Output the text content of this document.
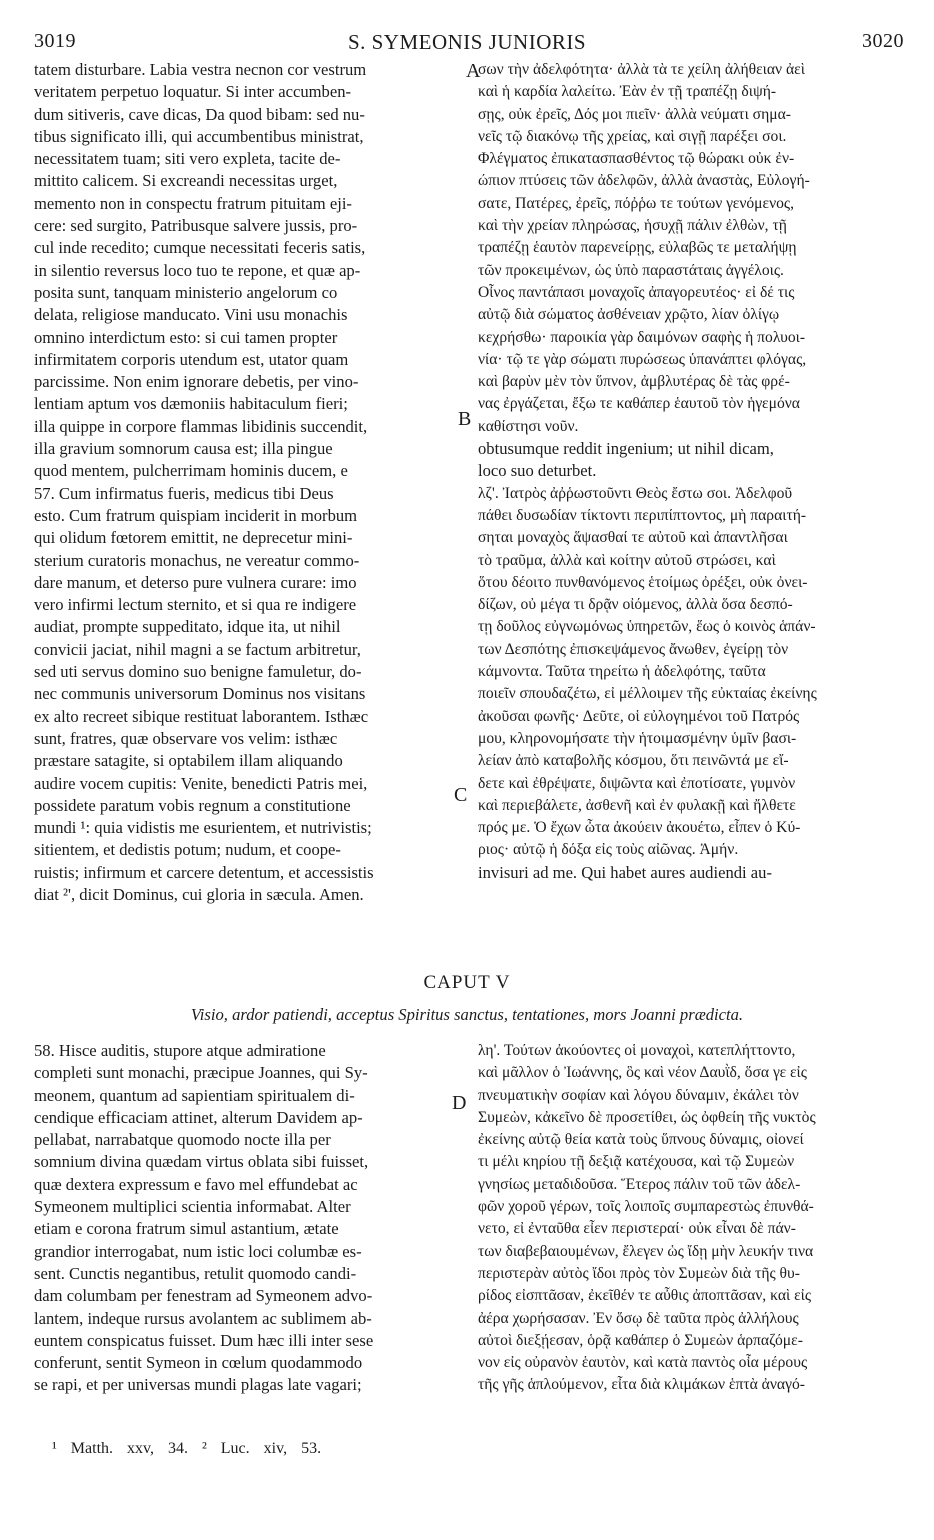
3019	S. SYMEONIS JUNIORIS	3020
A
B
C
D
tatem disturbare. Labia vestra necnon cor vestrum
veritatem perpetuo loquatur. Si inter accumben-
dum sitiveris, cave dicas, Da quod bibam: sed nu-
tibus significato illi, qui accumbentibus ministrat,
necessitatem tuam; siti vero expleta, tacite de-
mittito calicem. Si excreandi necessitas urget,
memento non in conspectu fratrum pituitam eji-
cere: sed surgito, Patribusque salvere jussis, pro-
cul inde recedito; cumque necessitati feceris satis,
in silentio reversus loco tuo te repone, et quæ ap-
posita sunt, tanquam ministerio angelorum co
delata, religiose manducato. Vini usu monachis
omnino interdictum esto: si cui tamen propter
infirmitatem corporis utendum est, utator quam
parcissime. Non enim ignorare debetis, per vino-
lentiam aptum vos dæmoniis habitaculum fieri;
illa quippe in corpore flammas libidinis succendit,
illa gravium somnorum causa est; illa pingue
quod mentem, pulcherrimam hominis ducem, e
57. Cum infirmatus fueris, medicus tibi Deus
esto. Cum fratrum quispiam inciderit in morbum
qui olidum fœtorem emittit, ne deprecetur mini-
sterium curatoris monachus, ne vereatur commo-
dare manum, et deterso pure vulnera curare: imo
vero infirmi lectum sternito, et si qua re indigere
audiat, prompte suppeditato, idque ita, ut nihil
convicii jaciat, nihil magni a se factum arbitretur,
sed uti servus domino suo benigne famuletur, do-
nec communis universorum Dominus nos visitans
ex alto recreet sibique restituat laborantem. Isthæc
sunt, fratres, quæ observare vos velim: isthæc
præstare satagite, si optabilem illam aliquando
audire vocem cupitis: Venite, benedicti Patris mei,
possidete paratum vobis regnum a constitutione
mundi ¹: quia vidistis me esurientem, et nutrivistis;
sitientem, et dedistis potum; nudum, et coope-
ruistis; infirmum et carcere detentum, et accessistis
diat ²', dicit Dominus, cui gloria in sæcula. Amen.
σων τὴν ἀδελφότητα· ἀλλὰ τὰ τε χείλη ἀλήθειαν ἀεὶ
καὶ ἡ καρδία λαλείτω. Ἐὰν ἐν τῇ τραπέζῃ διψή-
σῃς, οὐκ ἐρεῖς, Δός μοι πιεῖν· ἀλλὰ νεύματι σημα-
νεῖς τῷ διακόνῳ τῆς χρείας, καὶ σιγῇ παρέξει σοι.
Φλέγματος ἐπικατασπασθέντος τῷ θώρακι οὐκ ἐν-
ώπιον πτύσεις τῶν ἀδελφῶν, ἀλλὰ ἀναστὰς, Εὐλογή-
σατε, Πατέρες, ἐρεῖς, πόῤῥω τε τούτων γενόμενος,
καὶ τὴν χρείαν πληρώσας, ἡσυχῇ πάλιν ἐλθὼν, τῇ
τραπέζῃ ἑαυτὸν παρενείρῃς, εὐλαβῶς τε μεταλήψῃ
τῶν προκειμένων, ὡς ὑπὸ παραστάταις ἀγγέλοις.
Οἶνος παντάπασι μοναχοῖς ἀπαγορευτέος· εἰ δέ τις
αὐτῷ διὰ σώματος ἀσθένειαν χρῷτο, λίαν ὀλίγῳ
κεχρήσθω· παροικία γὰρ δαιμόνων σαφὴς ἡ πολυοι-
νία· τῷ τε γὰρ σώματι πυρώσεως ὑπανάπτει φλόγας,
καὶ βαρὺν μὲν τὸν ὕπνον, ἀμβλυτέρας δὲ τὰς φρέ-
νας ἐργάζεται, ἔξω τε καθάπερ ἑαυτοῦ τὸν ἡγεμόνα
καθίστησι νοῦν.
obtusumque reddit ingenium; ut nihil dicam,
loco suo deturbet.
λζ'. Ἰατρὸς ἀῤῥωστοῦντι Θεὸς ἔστω σοι. Ἀδελφοῦ
πάθει δυσωδίαν τίκτοντι περιπίπτοντος, μὴ παραιτή-
σηται μοναχὸς ἅψασθαί τε αὐτοῦ καὶ ἀπαντλῆσαι
τὸ τραῦμα, ἀλλὰ καὶ κοίτην αὐτοῦ στρώσει, καὶ
ὅτου δέοιτο πυνθανόμενος ἑτοίμως ὀρέξει, οὐκ ὀνει-
δίζων, οὐ μέγα τι δρᾷν οἰόμενος, ἀλλὰ ὅσα δεσπό-
τῃ δοῦλος εὐγνωμόνως ὑπηρετῶν, ἕως ὁ κοινὸς ἁπάν-
των Δεσπότης ἐπισκεψάμενος ἄνωθεν, ἐγείρῃ τὸν
κάμνοντα. Ταῦτα τηρείτω ἡ ἀδελφότης, ταῦτα
ποιεῖν σπουδαζέτω, εἰ μέλλοιμεν τῆς εὐκταίας ἐκείνης
ἀκοῦσαι φωνῆς· Δεῦτε, οἱ εὐλογημένοι τοῦ Πατρός
μου, κληρονομήσατε τὴν ἡτοιμασμένην ὑμῖν βασι-
λείαν ἀπὸ καταβολῆς κόσμου, ὅτι πεινῶντά με εἴ-
δετε καὶ ἐθρέψατε, διψῶντα καὶ ἐποτίσατε, γυμνὸν
καὶ περιεβάλετε, ἀσθενῆ καὶ ἐν φυλακῇ καὶ ἤλθετε
πρός με. Ὁ ἔχων ὦτα ἀκούειν ἀκουέτω, εἶπεν ὁ Κύ-
ριος· αὐτῷ ἡ δόξα εἰς τοὺς αἰῶνας. Ἀμήν.
invisuri ad me. Qui habet aures audiendi au-
CAPUT V
Visio, ardor patiendi, acceptus Spiritus sanctus, tentationes, mors Joanni prædicta.
58. Hisce auditis, stupore atque admiratione
completi sunt monachi, præcipue Joannes, qui Sy-
meonem, quantum ad sapientiam spiritualem di-
cendique efficaciam attinet, alterum Davidem ap-
pellabat, narrabatque quomodo nocte illa per
somnium divina quædam virtus oblata sibi fuisset,
quæ dextera expressum e favo mel effundebat ac
Symeonem multiplici scientia informabat. Alter
etiam e corona fratrum simul astantium, ætate
grandior interrogabat, num istic loci columbæ es-
sent. Cunctis negantibus, retulit quomodo candi-
dam columbam per fenestram ad Symeonem advo-
lantem, indeque rursus avolantem ac sublimem ab-
euntem conspicatus fuisset. Dum hæc illi inter sese
conferunt, sentit Symeon in cœlum quodammodo
se rapi, et per universas mundi plagas late vagari;
λη'. Τούτων ἀκούοντες οἱ μοναχοὶ, κατεπλήττοντο,
καὶ μᾶλλον ὁ Ἰωάννης, ὃς καὶ νέον Δαυῒδ, ὅσα γε εἰς
πνευματικὴν σοφίαν καὶ λόγου δύναμιν, ἐκάλει τὸν
Συμεὼν, κἀκεῖνο δὲ προσετίθει, ὡς ὀφθείη τῆς νυκτὸς
ἐκείνης αὐτῷ θεία κατὰ τοὺς ὕπνους δύναμις, οἰονεί
τι μέλι κηρίου τῇ δεξιᾷ κατέχουσα, καὶ τῷ Συμεὼν
γνησίως μεταδιδοῦσα. Ἕτερος πάλιν τοῦ τῶν ἀδελ-
φῶν χοροῦ γέρων, τοῖς λοιποῖς συμπαρεστὼς ἐπυνθά-
νετο, εἰ ἐνταῦθα εἶεν περιστεραί· οὐκ εἶναι δὲ πάν-
των διαβεβαιουμένων, ἔλεγεν ὡς ἴδῃ μὴν λευκήν τινα
περιστερὰν αὐτὸς ἴδοι πρὸς τὸν Συμεὼν διὰ τῆς θυ-
ρίδος εἰσπτᾶσαν, ἐκεῖθέν τε αὖθις ἀποπτᾶσαν, καὶ εἰς
ἀέρα χωρήσασαν. Ἐν ὅσῳ δὲ ταῦτα πρὸς ἀλλήλους
αὐτοὶ διεξῄεσαν, ὁρᾷ καθάπερ ὁ Συμεὼν ἁρπαζόμε-
νον εἰς οὐρανὸν ἑαυτὸν, καὶ κατὰ παντὸς οἷα μέρους
τῆς γῆς ἁπλούμενον, εἶτα διὰ κλιμάκων ἑπτὰ ἀναγό-
¹ Matth. xxv, 34. ² Luc. xiv, 53.
